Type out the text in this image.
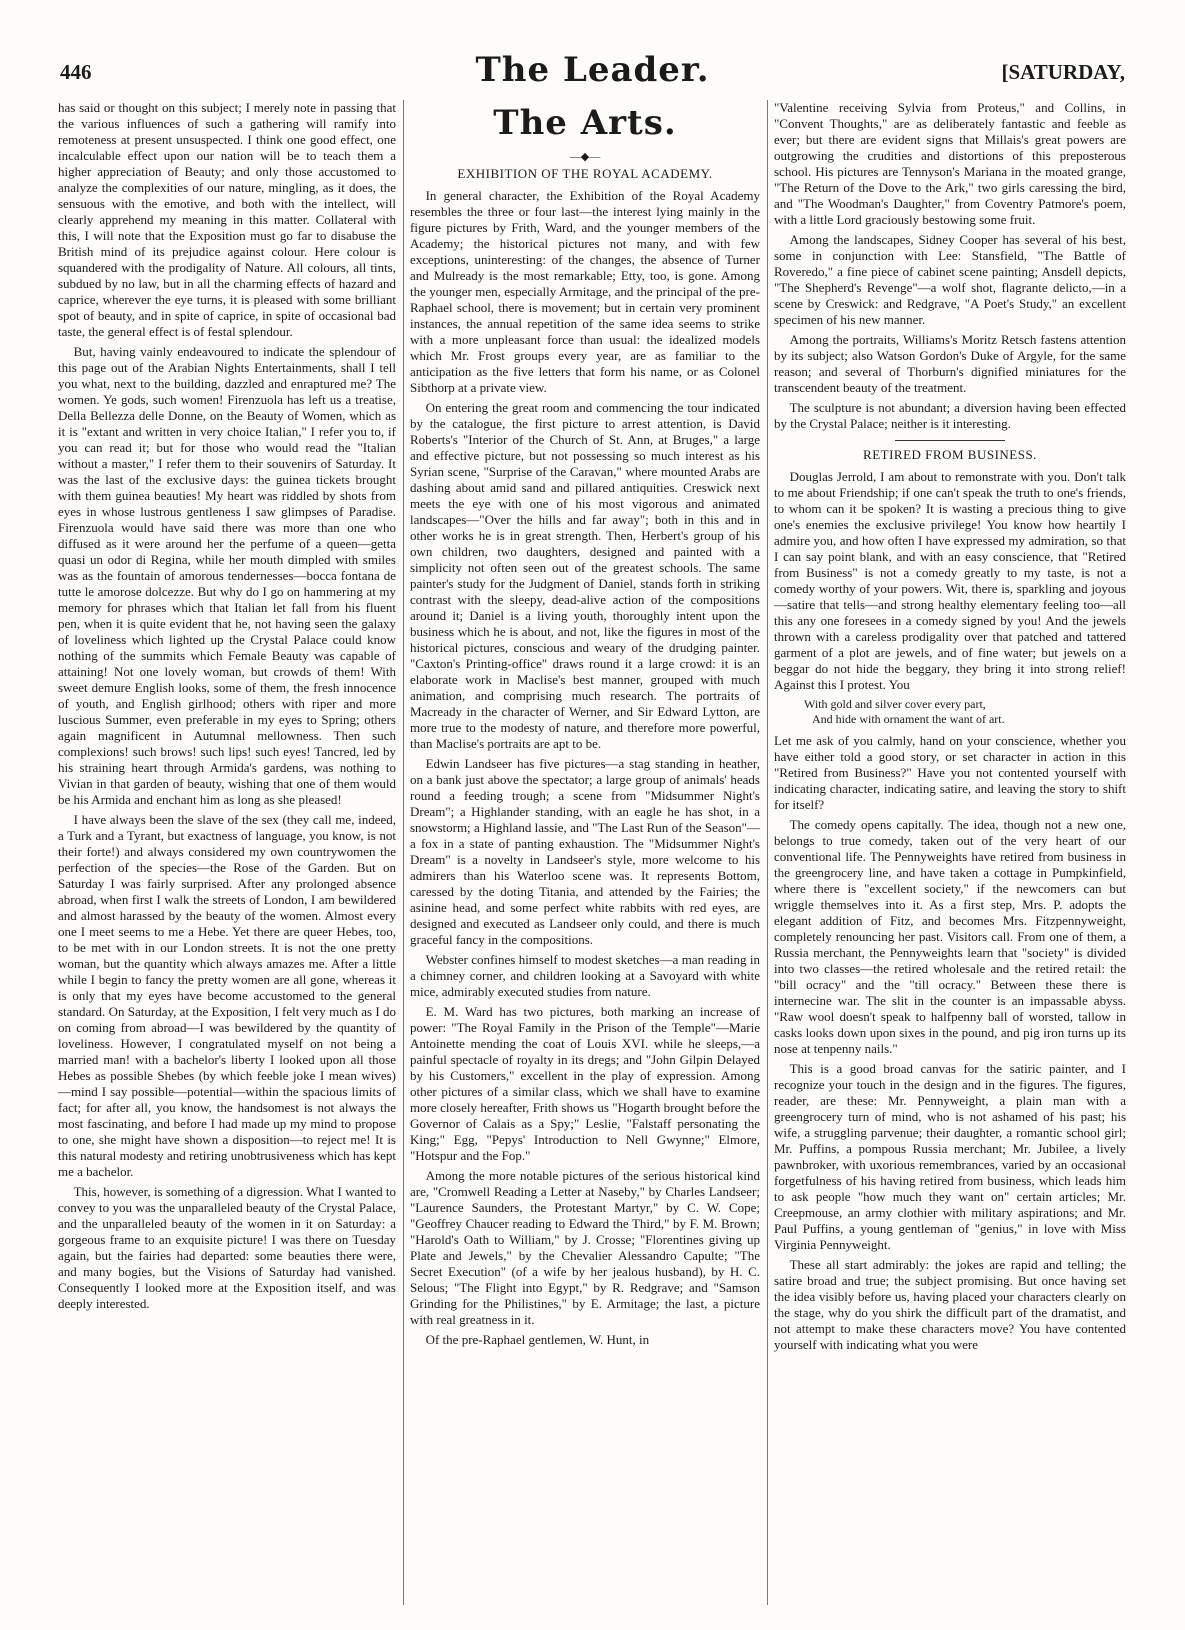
446	The Leader.	[SATURDAY,

has said or thought on this subject; I merely note in passing that the various influences of such a gathering will ramify into remoteness at present unsuspected. I think one good effect, one incalculable effect upon our nation will be to teach them a higher appreciation of Beauty; and only those accustomed to analyze the complexities of our nature, mingling, as it does, the sensuous with the emotive, and both with the intellect, will clearly apprehend my meaning in this matter. Collateral with this, I will note that the Exposition must go far to disabuse the British mind of its prejudice against colour. Here colour is squandered with the prodigality of Nature. All colours, all tints, subdued by no law, but in all the charming effects of hazard and caprice, wherever the eye turns, it is pleased with some brilliant spot of beauty, and in spite of caprice, in spite of occasional bad taste, the general effect is of festal splendour.

But, having vainly endeavoured to indicate the splendour of this page out of the Arabian Nights Entertainments, shall I tell you what, next to the building, dazzled and enraptured me? The women. Ye gods, such women! Firenzuola has left us a treatise, Della Bellezza delle Donne, on the Beauty of Women, which as it is "extant and written in very choice Italian," I refer you to, if you can read it; but for those who would read the "Italian without a master," I refer them to their souvenirs of Saturday. It was the last of the exclusive days: the guinea tickets brought with them guinea beauties! My heart was riddled by shots from eyes in whose lustrous gentleness I saw glimpses of Paradise. Firenzuola would have said there was more than one who diffused as it were around her the perfume of a queen—getta quasi un odor di Regina, while her mouth dimpled with smiles was as the fountain of amorous tendernesses—bocca fontana de tutte le amorose dolcezze. But why do I go on hammering at my memory for phrases which that Italian let fall from his fluent pen, when it is quite evident that he, not having seen the galaxy of loveliness which lighted up the Crystal Palace could know nothing of the summits which Female Beauty was capable of attaining! Not one lovely woman, but crowds of them! With sweet demure English looks, some of them, the fresh innocence of youth, and English girlhood; others with riper and more luscious Summer, even preferable in my eyes to Spring; others again magnificent in Autumnal mellowness. Then such complexions! such brows! such lips! such eyes! Tancred, led by his straining heart through Armida's gardens, was nothing to Vivian in that garden of beauty, wishing that one of them would be his Armida and enchant him as long as she pleased!

I have always been the slave of the sex (they call me, indeed, a Turk and a Tyrant, but exactness of language, you know, is not their forte!) and always considered my own countrywomen the perfection of the species—the Rose of the Garden. But on Saturday I was fairly surprised. After any prolonged absence abroad, when first I walk the streets of London, I am bewildered and almost harassed by the beauty of the women. Almost every one I meet seems to me a Hebe. Yet there are queer Hebes, too, to be met with in our London streets. It is not the one pretty woman, but the quantity which always amazes me. After a little while I begin to fancy the pretty women are all gone, whereas it is only that my eyes have become accustomed to the general standard. On Saturday, at the Exposition, I felt very much as I do on coming from abroad—I was bewildered by the quantity of loveliness. However, I congratulated myself on not being a married man! with a bachelor's liberty I looked upon all those Hebes as possible Shebes (by which feeble joke I mean wives)—mind I say possible—potential—within the spacious limits of fact; for after all, you know, the handsomest is not always the most fascinating, and before I had made up my mind to propose to one, she might have shown a disposition—to reject me! It is this natural modesty and retiring unobtrusiveness which has kept me a bachelor.

This, however, is something of a digression. What I wanted to convey to you was the unparalleled beauty of the Crystal Palace, and the unparalleled beauty of the women in it on Saturday: a gorgeous frame to an exquisite picture! I was there on Tuesday again, but the fairies had departed: some beauties there were, and many bogies, but the Visions of Saturday had vanished. Consequently I looked more at the Exposition itself, and was deeply interested.

The Arts.
—◆—
EXHIBITION OF THE ROYAL ACADEMY.

In general character, the Exhibition of the Royal Academy resembles the three or four last—the interest lying mainly in the figure pictures by Frith, Ward, and the younger members of the Academy; the historical pictures not many, and with few exceptions, uninteresting: of the changes, the absence of Turner and Mulready is the most remarkable; Etty, too, is gone. Among the younger men, especially Armitage, and the principal of the pre-Raphael school, there is movement; but in certain very prominent instances, the annual repetition of the same idea seems to strike with a more unpleasant force than usual: the idealized models which Mr. Frost groups every year, are as familiar to the anticipation as the five letters that form his name, or as Colonel Sibthorp at a private view.

On entering the great room and commencing the tour indicated by the catalogue, the first picture to arrest attention, is David Roberts's "Interior of the Church of St. Ann, at Bruges," a large and effective picture, but not possessing so much interest as his Syrian scene, "Surprise of the Caravan," where mounted Arabs are dashing about amid sand and pillared antiquities. Creswick next meets the eye with one of his most vigorous and animated landscapes—"Over the hills and far away"; both in this and in other works he is in great strength. Then, Herbert's group of his own children, two daughters, designed and painted with a simplicity not often seen out of the greatest schools. The same painter's study for the Judgment of Daniel, stands forth in striking contrast with the sleepy, dead-alive action of the compositions around it; Daniel is a living youth, thoroughly intent upon the business which he is about, and not, like the figures in most of the historical pictures, conscious and weary of the drudging painter. "Caxton's Printing-office" draws round it a large crowd: it is an elaborate work in Maclise's best manner, grouped with much animation, and comprising much research. The portraits of Macready in the character of Werner, and Sir Edward Lytton, are more true to the modesty of nature, and therefore more powerful, than Maclise's portraits are apt to be.

Edwin Landseer has five pictures—a stag standing in heather, on a bank just above the spectator; a large group of animals' heads round a feeding trough; a scene from "Midsummer Night's Dream"; a Highlander standing, with an eagle he has shot, in a snowstorm; a Highland lassie, and "The Last Run of the Season"—a fox in a state of panting exhaustion. The "Midsummer Night's Dream" is a novelty in Landseer's style, more welcome to his admirers than his Waterloo scene was. It represents Bottom, caressed by the doting Titania, and attended by the Fairies; the asinine head, and some perfect white rabbits with red eyes, are designed and executed as Landseer only could, and there is much graceful fancy in the compositions.

Webster confines himself to modest sketches—a man reading in a chimney corner, and children looking at a Savoyard with white mice, admirably executed studies from nature.

E. M. Ward has two pictures, both marking an increase of power: "The Royal Family in the Prison of the Temple"—Marie Antoinette mending the coat of Louis XVI. while he sleeps,—a painful spectacle of royalty in its dregs; and "John Gilpin Delayed by his Customers," excellent in the play of expression. Among other pictures of a similar class, which we shall have to examine more closely hereafter, Frith shows us "Hogarth brought before the Governor of Calais as a Spy;" Leslie, "Falstaff personating the King;" Egg, "Pepys' Introduction to Nell Gwynne;" Elmore, "Hotspur and the Fop."

Among the more notable pictures of the serious historical kind are, "Cromwell Reading a Letter at Naseby," by Charles Landseer; "Laurence Saunders, the Protestant Martyr," by C. W. Cope; "Geoffrey Chaucer reading to Edward the Third," by F. M. Brown; "Harold's Oath to William," by J. Crosse; "Florentines giving up Plate and Jewels," by the Chevalier Alessandro Capulte; "The Secret Execution" (of a wife by her jealous husband), by H. C. Selous; "The Flight into Egypt," by R. Redgrave; and "Samson Grinding for the Philistines," by E. Armitage; the last, a picture with real greatness in it.

Of the pre-Raphael gentlemen, W. Hunt, in

"Valentine receiving Sylvia from Proteus," and Collins, in "Convent Thoughts," are as deliberately fantastic and feeble as ever; but there are evident signs that Millais's great powers are outgrowing the crudities and distortions of this preposterous school. His pictures are Tennyson's Mariana in the moated grange, "The Return of the Dove to the Ark," two girls caressing the bird, and "The Woodman's Daughter," from Coventry Patmore's poem, with a little Lord graciously bestowing some fruit.

Among the landscapes, Sidney Cooper has several of his best, some in conjunction with Lee: Stansfield, "The Battle of Roveredo," a fine piece of cabinet scene painting; Ansdell depicts, "The Shepherd's Revenge"—a wolf shot, flagrante delicto,—in a scene by Creswick: and Redgrave, "A Poet's Study," an excellent specimen of his new manner.

Among the portraits, Williams's Moritz Retsch fastens attention by its subject; also Watson Gordon's Duke of Argyle, for the same reason; and several of Thorburn's dignified miniatures for the transcendent beauty of the treatment.

The sculpture is not abundant; a diversion having been effected by the Crystal Palace; neither is it interesting.

RETIRED FROM BUSINESS.

Douglas Jerrold, I am about to remonstrate with you. Don't talk to me about Friendship; if one can't speak the truth to one's friends, to whom can it be spoken? It is wasting a precious thing to give one's enemies the exclusive privilege! You know how heartily I admire you, and how often I have expressed my admiration, so that I can say point blank, and with an easy conscience, that "Retired from Business" is not a comedy greatly to my taste, is not a comedy worthy of your powers. Wit, there is, sparkling and joyous—satire that tells—and strong healthy elementary feeling too—all this any one foresees in a comedy signed by you! And the jewels thrown with a careless prodigality over that patched and tattered garment of a plot are jewels, and of fine water; but jewels on a beggar do not hide the beggary, they bring it into strong relief! Against this I protest. You

With gold and silver cover every part,
And hide with ornament the want of art.

Let me ask of you calmly, hand on your conscience, whether you have either told a good story, or set character in action in this "Retired from Business?" Have you not contented yourself with indicating character, indicating satire, and leaving the story to shift for itself?

The comedy opens capitally. The idea, though not a new one, belongs to true comedy, taken out of the very heart of our conventional life. The Pennyweights have retired from business in the greengrocery line, and have taken a cottage in Pumpkinfield, where there is "excellent society," if the newcomers can but wriggle themselves into it. As a first step, Mrs. P. adopts the elegant addition of Fitz, and becomes Mrs. Fitzpennyweight, completely renouncing her past. Visitors call. From one of them, a Russia merchant, the Pennyweights learn that "society" is divided into two classes—the retired wholesale and the retired retail: the "bill ocracy" and the "till ocracy." Between these there is internecine war. The slit in the counter is an impassable abyss. "Raw wool doesn't speak to halfpenny ball of worsted, tallow in casks looks down upon sixes in the pound, and pig iron turns up its nose at tenpenny nails."

This is a good broad canvas for the satiric painter, and I recognize your touch in the design and in the figures. The figures, reader, are these: Mr. Pennyweight, a plain man with a greengrocery turn of mind, who is not ashamed of his past; his wife, a struggling parvenue; their daughter, a romantic school girl; Mr. Puffins, a pompous Russia merchant; Mr. Jubilee, a lively pawnbroker, with uxorious remembrances, varied by an occasional forgetfulness of his having retired from business, which leads him to ask people "how much they want on" certain articles; Mr. Creepmouse, an army clothier with military aspirations; and Mr. Paul Puffins, a young gentleman of "genius," in love with Miss Virginia Pennyweight.

These all start admirably: the jokes are rapid and telling; the satire broad and true; the subject promising. But once having set the idea visibly before us, having placed your characters clearly on the stage, why do you shirk the difficult part of the dramatist, and not attempt to make these characters move? You have contented yourself with indicating what you were
